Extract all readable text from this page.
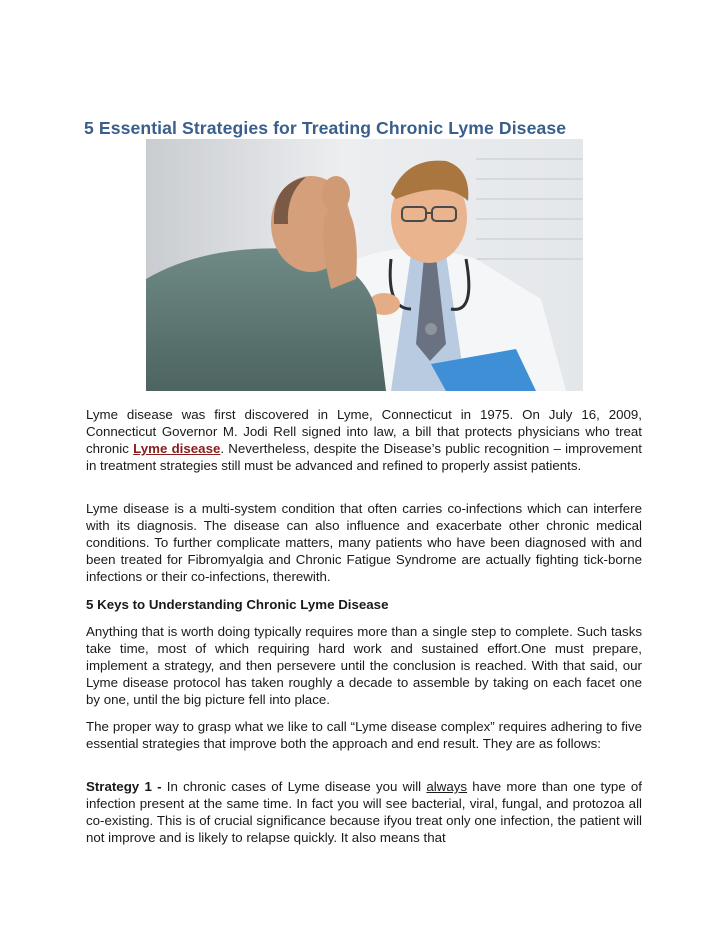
5 Essential Strategies for Treating Chronic Lyme Disease

Lyme disease was first discovered in Lyme, Connecticut in 1975. On July 16, 2009, Connecticut Governor M. Jodi Rell signed into law, a bill that protects physicians who treat chronic Lyme disease. Nevertheless, despite the Disease’s public recognition – improvement in treatment strategies still must be advanced and refined to properly assist patients.

Lyme disease is a multi-system condition that often carries co-infections which can interfere with its diagnosis. The disease can also influence and exacerbate other chronic medical conditions. To further complicate matters, many patients who have been diagnosed with and been treated for Fibromyalgia and Chronic Fatigue Syndrome are actually fighting tick-borne infections or their co-infections, therewith.

5 Keys to Understanding Chronic Lyme Disease

Anything that is worth doing typically requires more than a single step to complete. Such tasks take time, most of which requiring hard work and sustained effort.One must prepare, implement a strategy, and then persevere until the conclusion is reached. With that said, our Lyme disease protocol has taken roughly a decade to assemble by taking on each facet one by one, until the big picture fell into place.

The proper way to grasp what we like to call “Lyme disease complex” requires adhering to five essential strategies that improve both the approach and end result. They are as follows:

Strategy 1 - In chronic cases of Lyme disease you will always have more than one type of infection present at the same time. In fact you will see bacterial, viral, fungal, and protozoa all co-existing. This is of crucial significance because ifyou treat only one infection, the patient will not improve and is likely to relapse quickly. It also means that
